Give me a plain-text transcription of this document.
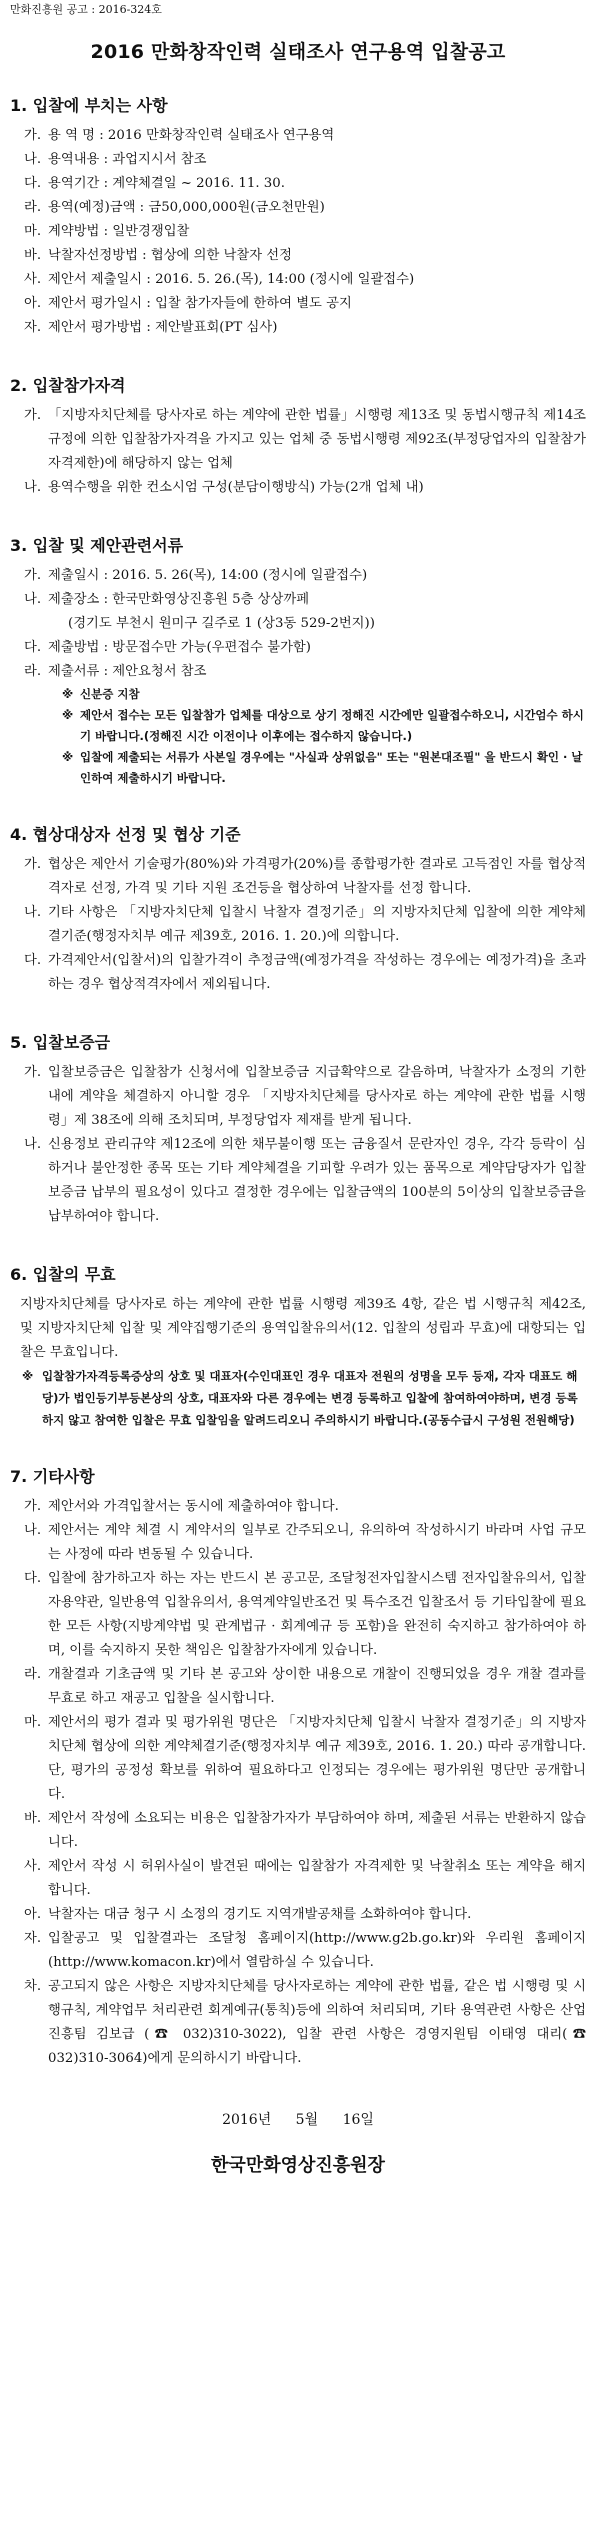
만화진흥원 공고 : 2016-324호
2016 만화창작인력 실태조사 연구용역 입찰공고
1. 입찰에 부치는 사항
가. 용 역 명 : 2016 만화창작인력 실태조사 연구용역
나. 용역내용 : 과업지시서 참조
다. 용역기간 : 계약체결일 ~ 2016. 11. 30.
라. 용역(예정)금액 : 금50,000,000원(금오천만원)
마. 계약방법 : 일반경쟁입찰
바. 낙찰자선정방법 : 협상에 의한 낙찰자 선정
사. 제안서 제출일시 : 2016. 5. 26.(목), 14:00 (정시에 일괄접수)
아. 제안서 평가일시 : 입찰 참가자들에 한하여 별도 공지
자. 제안서 평가방법 : 제안발표회(PT 심사)
2. 입찰참가자격
가. 「지방자치단체를 당사자로 하는 계약에 관한 법률」시행령 제13조 및 동법시행규칙 제14조 규정에 의한 입찰참가자격을 가지고 있는 업체 중 동법시행령 제92조(부정당업자의 입찰참가자격제한)에 해당하지 않는 업체
나. 용역수행을 위한 컨소시엄 구성(분담이행방식) 가능(2개 업체 내)
3. 입찰 및 제안관련서류
가. 제출일시 : 2016. 5. 26(목), 14:00 (정시에 일괄접수)
나. 제출장소 : 한국만화영상진흥원 5층 상상까페
(경기도 부천시 원미구 길주로 1 (상3동 529-2번지))
다. 제출방법 : 방문접수만 가능(우편접수 불가함)
라. 제출서류 : 제안요청서 참조
※ 신분증 지참
※ 제안서 접수는 모든 입찰참가 업체를 대상으로 상기 정해진 시간에만 일괄접수하오니, 시간엄수 하시기 바랍니다.(정해진 시간 이전이나 이후에는 접수하지 않습니다.)
※ 입찰에 제출되는 서류가 사본일 경우에는 "사실과 상위없음" 또는 "원본대조필" 을 반드시 확인 · 날인하여 제출하시기 바랍니다.
4. 협상대상자 선정 및 협상 기준
가. 협상은 제안서 기술평가(80%)와 가격평가(20%)를 종합평가한 결과로 고득점인 자를 협상적격자로 선정, 가격 및 기타 지원 조건등을 협상하여 낙찰자를 선정 합니다.
나. 기타 사항은 「지방자치단체 입찰시 낙찰자 결정기준」의 지방자치단체 입찰에 의한 계약체결기준(행정자치부 예규 제39호, 2016. 1. 20.)에 의합니다.
다. 가격제안서(입찰서)의 입찰가격이 추정금액(예정가격을 작성하는 경우에는 예정가격)을 초과하는 경우 협상적격자에서 제외됩니다.
5. 입찰보증금
가. 입찰보증금은 입찰참가 신청서에 입찰보증금 지급확약으로 갈음하며, 낙찰자가 소정의 기한내에 계약을 체결하지 아니할 경우 「지방자치단체를 당사자로 하는 계약에 관한 법률 시행령」제 38조에 의해 조치되며, 부정당업자 제재를 받게 됩니다.
나. 신용정보 관리규약 제12조에 의한 채무불이행 또는 금융질서 문란자인 경우, 각각 등락이 심하거나 불안정한 종목 또는 기타 계약체결을 기피할 우려가 있는 품목으로 계약담당자가 입찰보증금 납부의 필요성이 있다고 결정한 경우에는 입찰금액의 100분의 5이상의 입찰보증금을 납부하여야 합니다.
6. 입찰의 무효
지방자치단체를 당사자로 하는 계약에 관한 법률 시행령 제39조 4항, 같은 법 시행규칙 제42조, 및 지방자치단체 입찰 및 계약집행기준의 용역입찰유의서(12. 입찰의 성립과 무효)에 대항되는 입찰은 무효입니다.
※ 입찰참가자격등록증상의 상호 및 대표자(수인대표인 경우 대표자 전원의 성명을 모두 등재, 각자 대표도 해당)가 법인등기부등본상의 상호, 대표자와 다른 경우에는 변경 등록하고 입찰에 참여하여야하며, 변경 등록하지 않고 참여한 입찰은 무효 입찰임을 알려드리오니 주의하시기 바랍니다.(공동수급시 구성원 전원해당)
7. 기타사항
가. 제안서와 가격입찰서는 동시에 제출하여야 합니다.
나. 제안서는 계약 체결 시 계약서의 일부로 간주되오니, 유의하여 작성하시기 바라며 사업 규모는 사정에 따라 변동될 수 있습니다.
다. 입찰에 참가하고자 하는 자는 반드시 본 공고문, 조달청전자입찰시스템 전자입찰유의서, 입찰자용약관, 일반용역 입찰유의서, 용역계약일반조건 및 특수조건 입찰조서 등 기타입찰에 필요한 모든 사항(지방계약법 및 관계법규 · 회계예규 등 포함)을 완전히 숙지하고 참가하여야 하며, 이를 숙지하지 못한 책임은 입찰참가자에게 있습니다.
라. 개찰결과 기초금액 및 기타 본 공고와 상이한 내용으로 개찰이 진행되었을 경우 개찰 결과를 무효로 하고 재공고 입찰을 실시합니다.
마. 제안서의 평가 결과 및 평가위원 명단은 「지방자치단체 입찰시 낙찰자 결정기준」의 지방자치단체 협상에 의한 계약체결기준(행정자치부 예규 제39호, 2016. 1. 20.) 따라 공개합니다. 단, 평가의 공정성 확보를 위하여 필요하다고 인정되는 경우에는 평가위원 명단만 공개합니다.
바. 제안서 작성에 소요되는 비용은 입찰참가자가 부담하여야 하며, 제출된 서류는 반환하지 않습니다.
사. 제안서 작성 시 허위사실이 발견된 때에는 입찰참가 자격제한 및 낙찰취소 또는 계약을 해지합니다.
아. 낙찰자는 대금 청구 시 소정의 경기도 지역개발공채를 소화하여야 합니다.
자. 입찰공고 및 입찰결과는 조달청 홈페이지(http://www.g2b.go.kr)와 우리원 홈페이지(http://www.komacon.kr)에서 열람하실 수 있습니다.
차. 공고되지 않은 사항은 지방자치단체를 당사자로하는 계약에 관한 법률, 같은 법 시행령 및 시행규칙, 계약업무 처리관련 회계예규(통칙)등에 의하여 처리되며, 기타 용역관련 사항은 산업진흥팀 김보급 (☎ 032)310-3022), 입찰 관련 사항은 경영지원팀 이태영 대리(☎ 032)310-3064)에게 문의하시기 바랍니다.
2016년 5월 16일
한국만화영상진흥원장
